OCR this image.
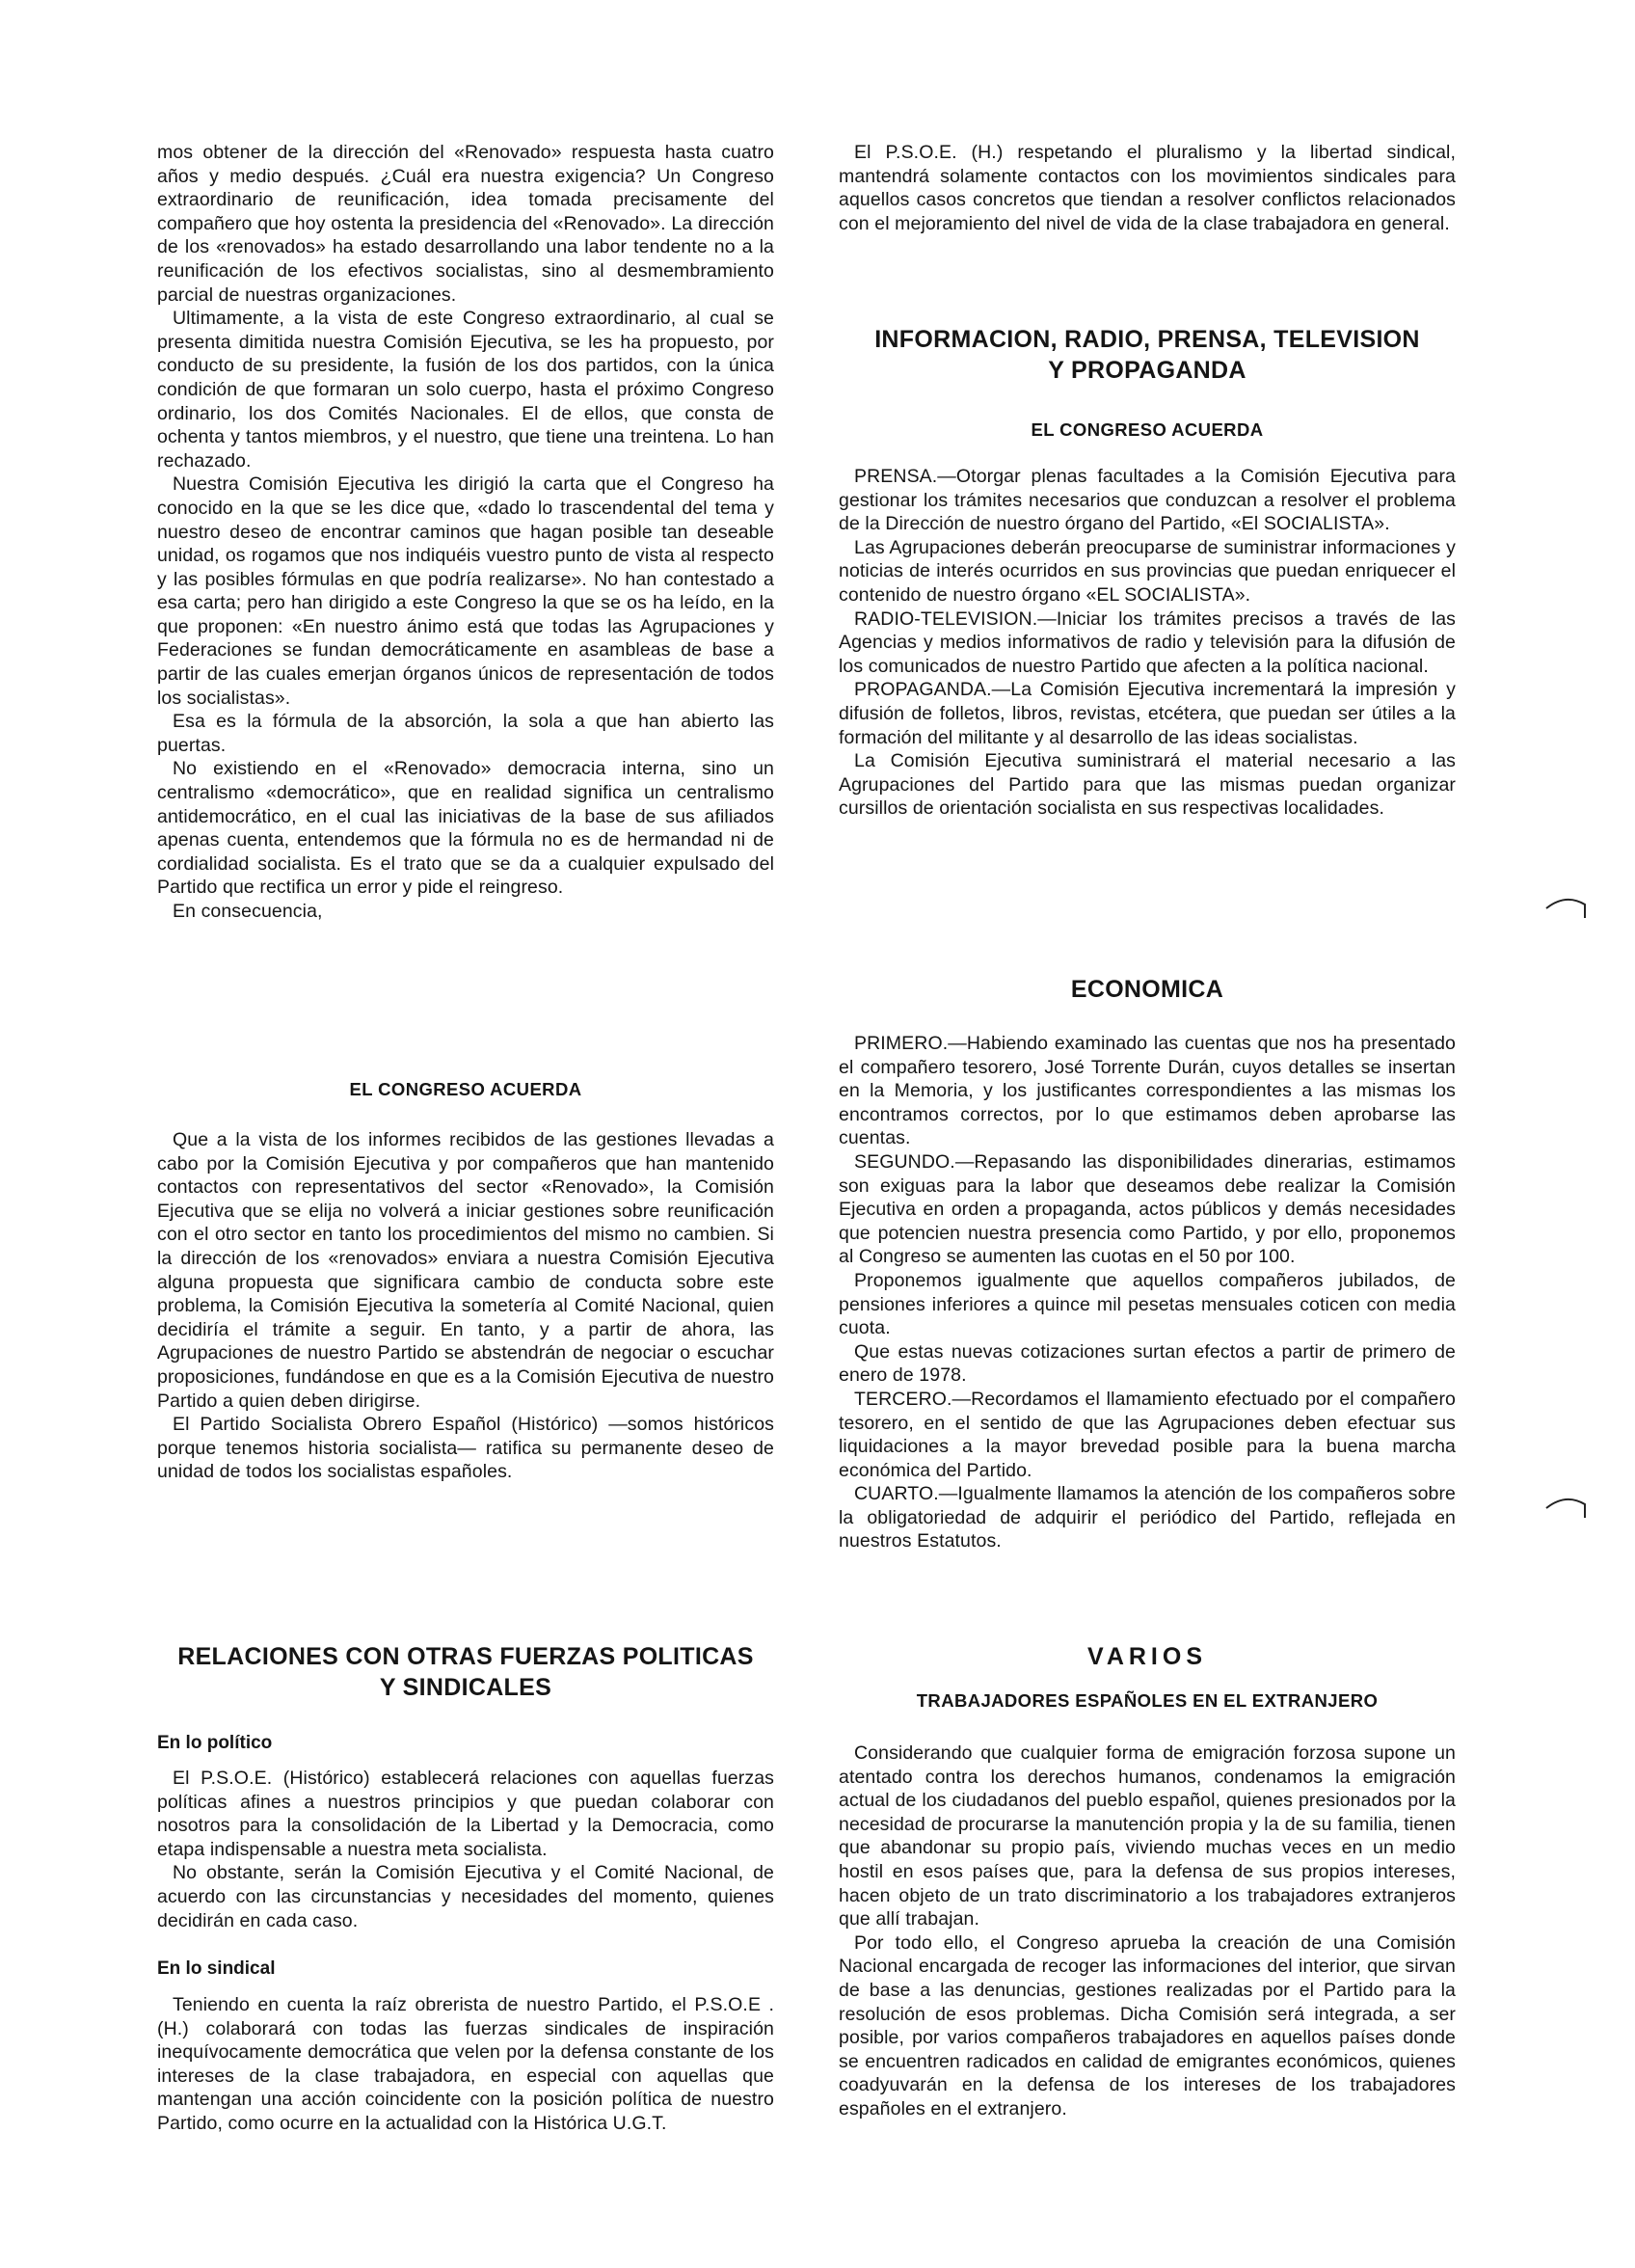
mos obtener de la dirección del «Renovado» respuesta hasta cuatro años y medio después. ¿Cuál era nuestra exigencia? Un Congreso extraordinario de reunificación, idea tomada precisamente del compañero que hoy ostenta la presidencia del «Renovado». La dirección de los «renovados» ha estado desarrollando una labor tendente no a la reunificación de los efectivos socialistas, sino al desmembramiento parcial de nuestras organizaciones.

Ultimamente, a la vista de este Congreso extraordinario, al cual se presenta dimitida nuestra Comisión Ejecutiva, se les ha propuesto, por conducto de su presidente, la fusión de los dos partidos, con la única condición de que formaran un solo cuerpo, hasta el próximo Congreso ordinario, los dos Comités Nacionales. El de ellos, que consta de ochenta y tantos miembros, y el nuestro, que tiene una treintena. Lo han rechazado.

Nuestra Comisión Ejecutiva les dirigió la carta que el Congreso ha conocido en la que se les dice que, «dado lo trascendental del tema y nuestro deseo de encontrar caminos que hagan posible tan deseable unidad, os rogamos que nos indiquéis vuestro punto de vista al respecto y las posibles fórmulas en que podría realizarse». No han contestado a esa carta; pero han dirigido a este Congreso la que se os ha leído, en la que proponen: «En nuestro ánimo está que todas las Agrupaciones y Federaciones se fundan democráticamente en asambleas de base a partir de las cuales emerjan órganos únicos de representación de todos los socialistas».

Esa es la fórmula de la absorción, la sola a que han abierto las puertas.

No existiendo en el «Renovado» democracia interna, sino un centralismo «democrático», que en realidad significa un centralismo antidemocrático, en el cual las iniciativas de la base de sus afiliados apenas cuenta, entendemos que la fórmula no es de hermandad ni de cordialidad socialista. Es el trato que se da a cualquier expulsado del Partido que rectifica un error y pide el reingreso.

En consecuencia,

EL CONGRESO ACUERDA

Que a la vista de los informes recibidos de las gestiones llevadas a cabo por la Comisión Ejecutiva y por compañeros que han mantenido contactos con representativos del sector «Renovado», la Comisión Ejecutiva que se elija no volverá a iniciar gestiones sobre reunificación con el otro sector en tanto los procedimientos del mismo no cambien. Si la dirección de los «renovados» enviara a nuestra Comisión Ejecutiva alguna propuesta que significara cambio de conducta sobre este problema, la Comisión Ejecutiva la sometería al Comité Nacional, quien decidiría el trámite a seguir. En tanto, y a partir de ahora, las Agrupaciones de nuestro Partido se abstendrán de negociar o escuchar proposiciones, fundándose en que es a la Comisión Ejecutiva de nuestro Partido a quien deben dirigirse.

El Partido Socialista Obrero Español (Histórico) —somos históricos porque tenemos historia socialista— ratifica su permanente deseo de unidad de todos los socialistas españoles.

RELACIONES CON OTRAS FUERZAS POLITICAS
Y SINDICALES
En lo político

El P.S.O.E. (Histórico) establecerá relaciones con aquellas fuerzas políticas afines a nuestros principios y que puedan colaborar con nosotros para la consolidación de la Libertad y la Democracia, como etapa indispensable a nuestra meta socialista.

No obstante, serán la Comisión Ejecutiva y el Comité Nacional, de acuerdo con las circunstancias y necesidades del momento, quienes decidirán en cada caso.

En lo sindical

Teniendo en cuenta la raíz obrerista de nuestro Partido, el P.S.O.E .(H.) colaborará con todas las fuerzas sindicales de inspiración inequívocamente democrática que velen por la defensa constante de los intereses de la clase trabajadora, en especial con aquellas que mantengan una acción coincidente con la posición política de nuestro Partido, como ocurre en la actualidad con la Histórica U.G.T.

El P.S.O.E. (H.) respetando el pluralismo y la libertad sindical, mantendrá solamente contactos con los movimientos sindicales para aquellos casos concretos que tiendan a resolver conflictos relacionados con el mejoramiento del nivel de vida de la clase trabajadora en general.

INFORMACION, RADIO, PRENSA, TELEVISION
Y PROPAGANDA
EL CONGRESO ACUERDA

PRENSA.—Otorgar plenas facultades a la Comisión Ejecutiva para gestionar los trámites necesarios que conduzcan a resolver el problema de la Dirección de nuestro órgano del Partido, «El SOCIALISTA».

Las Agrupaciones deberán preocuparse de suministrar informaciones y noticias de interés ocurridos en sus provincias que puedan enriquecer el contenido de nuestro órgano «EL SOCIALISTA».

RADIO-TELEVISION.—Iniciar los trámites precisos a través de las Agencias y medios informativos de radio y televisión para la difusión de los comunicados de nuestro Partido que afecten a la política nacional.

PROPAGANDA.—La Comisión Ejecutiva incrementará la impresión y difusión de folletos, libros, revistas, etcétera, que puedan ser útiles a la formación del militante y al desarrollo de las ideas socialistas.

La Comisión Ejecutiva suministrará el material necesario a las Agrupaciones del Partido para que las mismas puedan organizar cursillos de orientación socialista en sus respectivas localidades.

ECONOMICA

PRIMERO.—Habiendo examinado las cuentas que nos ha presentado el compañero tesorero, José Torrente Durán, cuyos detalles se insertan en la Memoria, y los justificantes correspondientes a las mismas los encontramos correctos, por lo que estimamos deben aprobarse las cuentas.

SEGUNDO.—Repasando las disponibilidades dinerarias, estimamos son exiguas para la labor que deseamos debe realizar la Comisión Ejecutiva en orden a propaganda, actos públicos y demás necesidades que potencien nuestra presencia como Partido, y por ello, proponemos al Congreso se aumenten las cuotas en el 50 por 100.

Proponemos igualmente que aquellos compañeros jubilados, de pensiones inferiores a quince mil pesetas mensuales coticen con media cuota.

Que estas nuevas cotizaciones surtan efectos a partir de primero de enero de 1978.

TERCERO.—Recordamos el llamamiento efectuado por el compañero tesorero, en el sentido de que las Agrupaciones deben efectuar sus liquidaciones a la mayor brevedad posible para la buena marcha económica del Partido.

CUARTO.—Igualmente llamamos la atención de los compañeros sobre la obligatoriedad de adquirir el periódico del Partido, reflejada en nuestros Estatutos.

VARIOS
TRABAJADORES ESPAÑOLES EN EL EXTRANJERO

Considerando que cualquier forma de emigración forzosa supone un atentado contra los derechos humanos, condenamos la emigración actual de los ciudadanos del pueblo español, quienes presionados por la necesidad de procurarse la manutención propia y la de su familia, tienen que abandonar su propio país, viviendo muchas veces en un medio hostil en esos países que, para la defensa de sus propios intereses, hacen objeto de un trato discriminatorio a los trabajadores extranjeros que allí trabajan.

Por todo ello, el Congreso aprueba la creación de una Comisión Nacional encargada de recoger las informaciones del interior, que sirvan de base a las denuncias, gestiones realizadas por el Partido para la resolución de esos problemas. Dicha Comisión será integrada, a ser posible, por varios compañeros trabajadores en aquellos países donde se encuentren radicados en calidad de emigrantes económicos, quienes coadyuvarán en la defensa de los intereses de los trabajadores españoles en el extranjero.
